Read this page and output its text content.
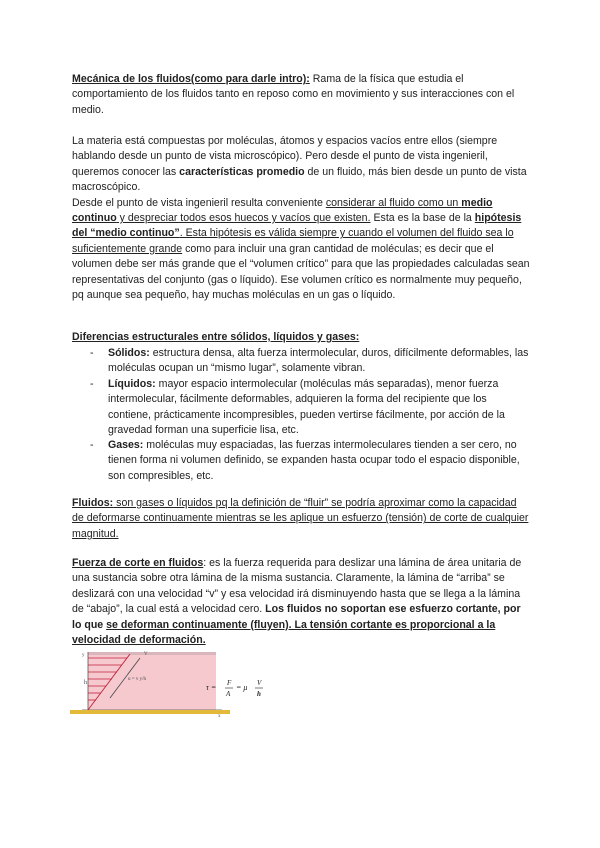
Mecánica de los fluidos(como para darle intro): Rama de la física que estudia el comportamiento de los fluidos tanto en reposo como en movimiento y sus interacciones con el medio.
La materia está compuestas por moléculas, átomos y espacios vacíos entre ellos (siempre hablando desde un punto de vista microscópico). Pero desde el punto de vista ingenieril, queremos conocer las características promedio de un fluido, más bien desde un punto de vista macroscópico.
Desde el punto de vista ingenieril resulta conveniente considerar al fluido como un medio continuo y despreciar todos esos huecos y vacíos que existen. Esta es la base de la hipótesis del “medio continuo”. Esta hipótesis es válida siempre y cuando el volumen del fluido sea lo suficientemente grande como para incluir una gran cantidad de moléculas; es decir que el volumen debe ser más grande que el “volumen crítico” para que las propiedades calculadas sean representativas del conjunto (gas o líquido). Ese volumen crítico es normalmente muy pequeño, pq aunque sea pequeño, hay muchas moléculas en un gas o líquido.
Diferencias estructurales entre sólidos, líquidos y gases:
- Sólidos: estructura densa, alta fuerza intermolecular, duros, difícilmente deformables, las moléculas ocupan un “mismo lugar”, solamente vibran.
- Líquidos: mayor espacio intermolecular (moléculas más separadas), menor fuerza intermolecular, fácilmente deformables, adquieren la forma del recipiente que los contiene, prácticamente incompresibles, pueden vertirse fácilmente, por acción de la gravedad forman una superficie lisa, etc.
- Gases: moléculas muy espaciadas, las fuerzas intermoleculares tienden a ser cero, no tienen forma ni volumen definido, se expanden hasta ocupar todo el espacio disponible, son compresibles, etc.
Fluidos: son gases o líquidos pq la definición de “fluir” se podría aproximar como la capacidad de deformarse continuamente mientras se les aplique un esfuerzo (tensión) de corte de cualquier magnitud.
Fuerza de corte en fluidos: es la fuerza requerida para deslizar una lámina de área unitaria de una sustancia sobre otra lámina de la misma sustancia. Claramente, la lámina de “arriba” se deslizará con una velocidad “v” y esa velocidad irá disminuyendo hasta que se llega a la lámina de “abajo”, la cual está a velocidad cero. Los fluidos no soportan ese esfuerzo cortante, por lo que se deforman continuamente (fluyen). La tensión cortante es proporcional a la velocidad de deformación.
h
y	V
u = v y/h
x
τ = F
A
= μ V
h
